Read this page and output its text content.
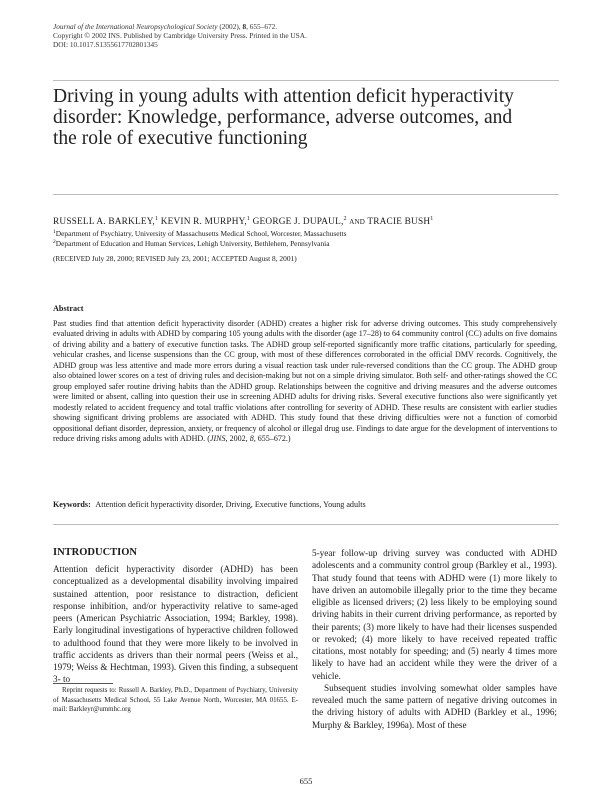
Journal of the International Neuropsychological Society (2002), 8, 655–672.
Copyright © 2002 INS. Published by Cambridge University Press. Printed in the USA.
DOI: 10.1017.S1355617702801345
Driving in young adults with attention deficit hyperactivity disorder: Knowledge, performance, adverse outcomes, and the role of executive functioning
RUSSELL A. BARKLEY,$^1$ KEVIN R. MURPHY,$^1$ GEORGE J. DUPAUL,$^2$ AND TRACIE BUSH$^1$
$^1$Department of Psychiatry, University of Massachusetts Medical School, Worcester, Massachusetts
$^2$Department of Education and Human Services, Lehigh University, Bethlehem, Pennsylvania
(RECEIVED July 28, 2000; REVISED July 23, 2001; ACCEPTED August 8, 2001)
Abstract
Past studies find that attention deficit hyperactivity disorder (ADHD) creates a higher risk for adverse driving outcomes. This study comprehensively evaluated driving in adults with ADHD by comparing 105 young adults with the disorder (age 17–28) to 64 community control (CC) adults on five domains of driving ability and a battery of executive function tasks. The ADHD group self-reported significantly more traffic citations, particularly for speeding, vehicular crashes, and license suspensions than the CC group, with most of these differences corroborated in the official DMV records. Cognitively, the ADHD group was less attentive and made more errors during a visual reaction task under rule-reversed conditions than the CC group. The ADHD group also obtained lower scores on a test of driving rules and decision-making but not on a simple driving simulator. Both self- and other-ratings showed the CC group employed safer routine driving habits than the ADHD group. Relationships between the cognitive and driving measures and the adverse outcomes were limited or absent, calling into question their use in screening ADHD adults for driving risks. Several executive functions also were significantly yet modestly related to accident frequency and total traffic violations after controlling for severity of ADHD. These results are consistent with earlier studies showing significant driving problems are associated with ADHD. This study found that these driving difficulties were not a function of comorbid oppositional defiant disorder, depression, anxiety, or frequency of alcohol or illegal drug use. Findings to date argue for the development of interventions to reduce driving risks among adults with ADHD. (JINS, 2002, 8, 655–672.)
Keywords: Attention deficit hyperactivity disorder, Driving, Executive functions, Young adults
INTRODUCTION
Attention deficit hyperactivity disorder (ADHD) has been conceptualized as a developmental disability involving impaired sustained attention, poor resistance to distraction, deficient response inhibition, and/or hyperactivity relative to same-aged peers (American Psychiatric Association, 1994; Barkley, 1998). Early longitudinal investigations of hyperactive children followed to adulthood found that they were more likely to be involved in traffic accidents as drivers than their normal peers (Weiss et al., 1979; Weiss & Hechtman, 1993). Given this finding, a subsequent 3- to

5-year follow-up driving survey was conducted with ADHD adolescents and a community control group (Barkley et al., 1993). That study found that teens with ADHD were (1) more likely to have driven an automobile illegally prior to the time they became eligible as licensed drivers; (2) less likely to be employing sound driving habits in their current driving performance, as reported by their parents; (3) more likely to have had their licenses suspended or revoked; (4) more likely to have received repeated traffic citations, most notably for speeding; and (5) nearly 4 times more likely to have had an accident while they were the driver of a vehicle.

Subsequent studies involving somewhat older samples have revealed much the same pattern of negative driving outcomes in the driving history of adults with ADHD (Barkley et al., 1996; Murphy & Barkley, 1996a). Most of these

Reprint requests to: Russell A. Barkley, Ph.D., Department of Psychiatry, University of Massachusetts Medical School, 55 Lake Avenue North, Worcester, MA 01655. E-mail: Barkleyr@ummhc.org
655
